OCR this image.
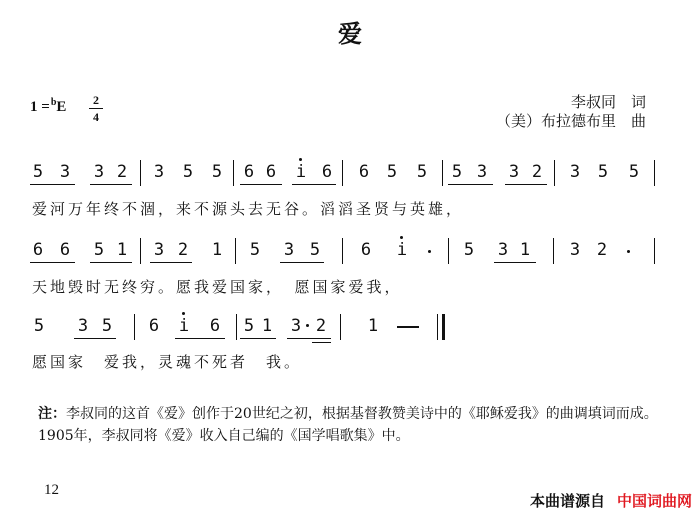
爱
1 =$^b$E	2
4
李叔同　词
（美）布拉德布里　曲
5 3 3 2 3 5 5 6 6 i 6 6 5 5 5 3 3 2 3 5 5
爱河万年终不涸，来不源头去无谷。滔滔圣贤与英雄，
6 6 5 1 3 2 1 5 3 5 6 i	5 3 1 3 2
天地毁时无终穷。愿我爱国家，　愿国家爱我，
5 3 5 6 i 6 5 1 3 2 1
愿国家　爱我，灵魂不死者　我。
注：李叔同的这首《爱》创作于20世纪之初，根据基督教赞美诗中的《耶稣爱我》的曲调填词而成。1905年，李叔同将《爱》收入自己编的《国学唱歌集》中。
12
本曲谱源自 中国词曲网
